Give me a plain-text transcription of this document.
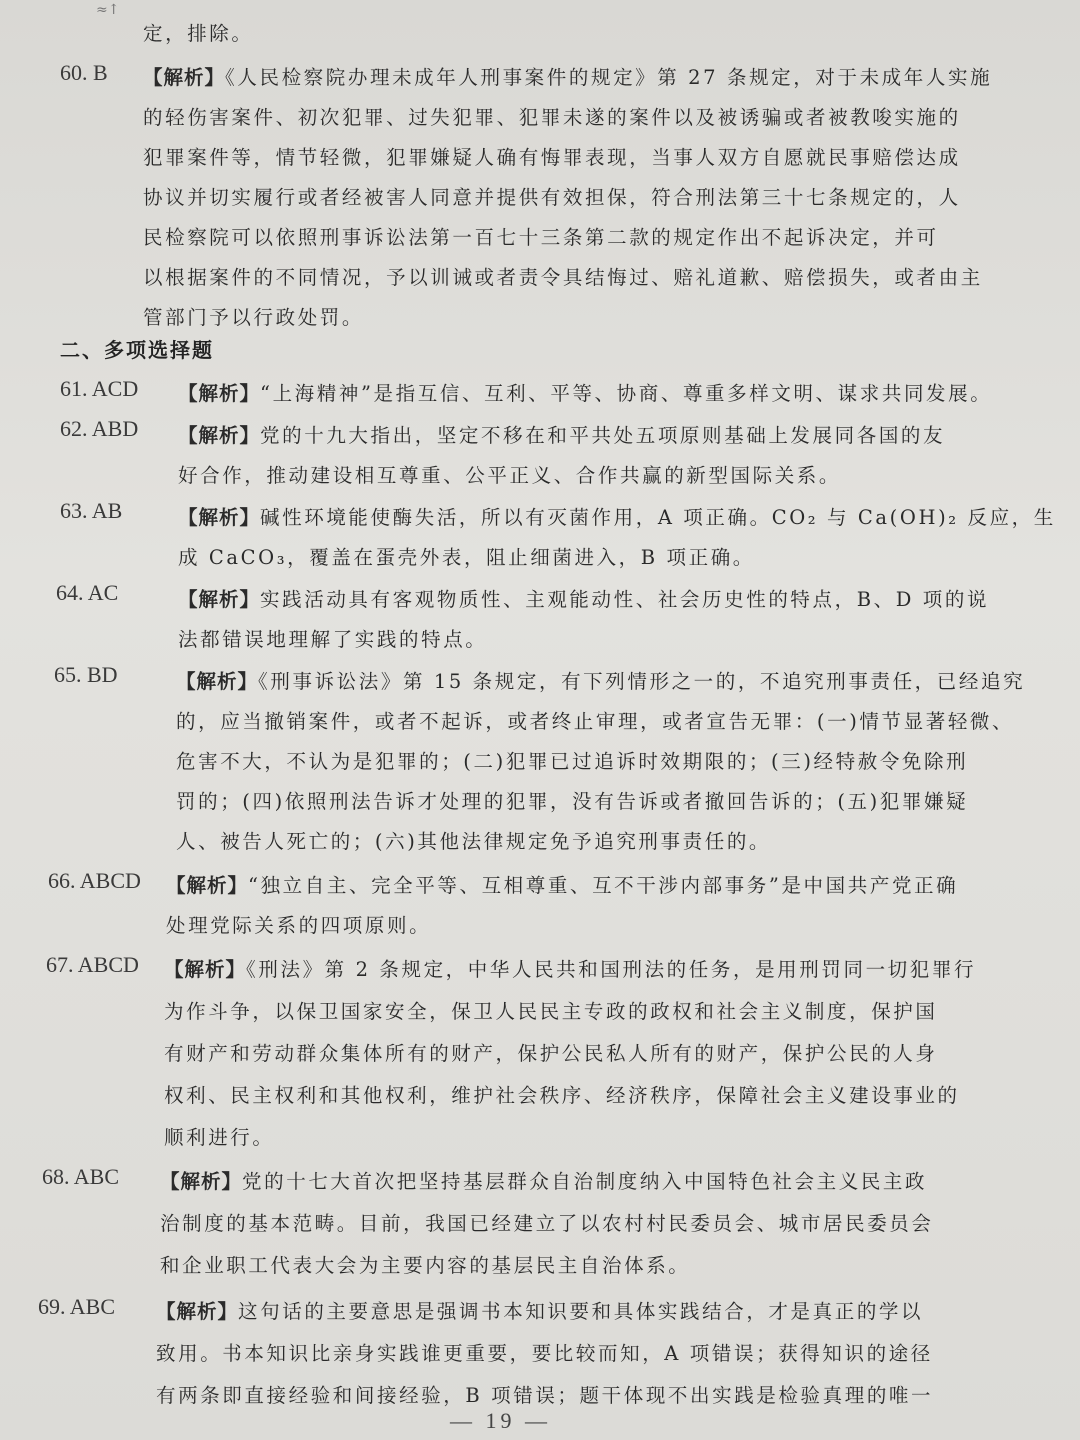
≈↑
定，排除。
60. B 【解析】《人民检察院办理未成年人刑事案件的规定》第 27 条规定，对于未成年人实施
的轻伤害案件、初次犯罪、过失犯罪、犯罪未遂的案件以及被诱骗或者被教唆实施的
犯罪案件等，情节轻微，犯罪嫌疑人确有悔罪表现，当事人双方自愿就民事赔偿达成
协议并切实履行或者经被害人同意并提供有效担保，符合刑法第三十七条规定的，人
民检察院可以依照刑事诉讼法第一百七十三条第二款的规定作出不起诉决定，并可
以根据案件的不同情况，予以训诫或者责令具结悔过、赔礼道歉、赔偿损失，或者由主
管部门予以行政处罚。
二、多项选择题
61. ACD 【解析】“上海精神”是指互信、互利、平等、协商、尊重多样文明、谋求共同发展。
62. ABD 【解析】党的十九大指出，坚定不移在和平共处五项原则基础上发展同各国的友
好合作，推动建设相互尊重、公平正义、合作共赢的新型国际关系。
63. AB	【解析】碱性环境能使酶失活，所以有灭菌作用，A 项正确。CO₂ 与 Ca(OH)₂ 反应，生
成 CaCO₃，覆盖在蛋壳外表，阻止细菌进入，B 项正确。
64. AC	【解析】实践活动具有客观物质性、主观能动性、社会历史性的特点，B、D 项的说
法都错误地理解了实践的特点。
65. BD	【解析】《刑事诉讼法》第 15 条规定，有下列情形之一的，不追究刑事责任，已经追究
的，应当撤销案件，或者不起诉，或者终止审理，或者宣告无罪：(一)情节显著轻微、
危害不大，不认为是犯罪的；(二)犯罪已过追诉时效期限的；(三)经特赦令免除刑
罚的；(四)依照刑法告诉才处理的犯罪，没有告诉或者撤回告诉的；(五)犯罪嫌疑
人、被告人死亡的；(六)其他法律规定免予追究刑事责任的。
66. ABCD 【解析】“独立自主、完全平等、互相尊重、互不干涉内部事务”是中国共产党正确
处理党际关系的四项原则。
67. ABCD 【解析】《刑法》第 2 条规定，中华人民共和国刑法的任务，是用刑罚同一切犯罪行
为作斗争，以保卫国家安全，保卫人民民主专政的政权和社会主义制度，保护国
有财产和劳动群众集体所有的财产，保护公民私人所有的财产，保护公民的人身
权利、民主权利和其他权利，维护社会秩序、经济秩序，保障社会主义建设事业的
顺利进行。
68. ABC 【解析】党的十七大首次把坚持基层群众自治制度纳入中国特色社会主义民主政
治制度的基本范畴。目前，我国已经建立了以农村村民委员会、城市居民委员会
和企业职工代表大会为主要内容的基层民主自治体系。
69. ABC 【解析】这句话的主要意思是强调书本知识要和具体实践结合，才是真正的学以
致用。书本知识比亲身实践谁更重要，要比较而知，A 项错误；获得知识的途径
有两条即直接经验和间接经验，B 项错误；题干体现不出实践是检验真理的唯一
— 19 —
